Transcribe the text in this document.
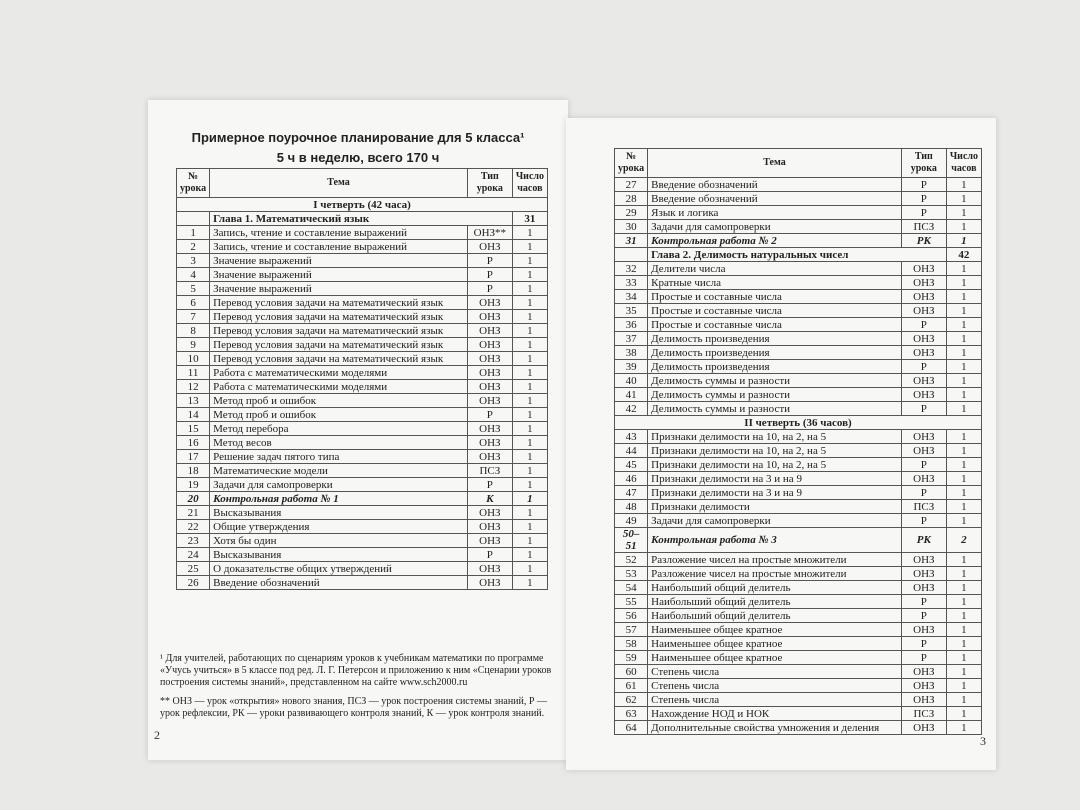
Примерное поурочное планирование для 5 класса¹
5 ч в неделю, всего 170 ч
№ урока	Тема	Тип урока	Число часов
I четверть (42 часа)			
	Глава 1. Математический язык		31
1	Запись, чтение и составление выражений	ОНЗ**	1
2	Запись, чтение и составление выражений	ОНЗ	1
3	Значение выражений	Р	1
4	Значение выражений	Р	1
5	Значение выражений	Р	1
6	Перевод условия задачи на математический язык	ОНЗ	1
7	Перевод условия задачи на математический язык	ОНЗ	1
8	Перевод условия задачи на математический язык	ОНЗ	1
9	Перевод условия задачи на математический язык	ОНЗ	1
10	Перевод условия задачи на математический язык	ОНЗ	1
11	Работа с математическими моделями	ОНЗ	1
12	Работа с математическими моделями	ОНЗ	1
13	Метод проб и ошибок	ОНЗ	1
14	Метод проб и ошибок	Р	1
15	Метод перебора	ОНЗ	1
16	Метод весов	ОНЗ	1
17	Решение задач пятого типа	ОНЗ	1
18	Математические модели	ПСЗ	1
19	Задачи для самопроверки	Р	1
20	Контрольная работа № 1	К	1
21	Высказывания	ОНЗ	1
22	Общие утверждения	ОНЗ	1
23	Хотя бы один	ОНЗ	1
24	Высказывания	Р	1
25	О доказательстве общих утверждений	ОНЗ	1
26	Введение обозначений	ОНЗ	1
¹ Для учителей, работающих по сценариям уроков к учебникам математики по программе «Учусь учиться» в 5 классе под ред. Л. Г. Петерсон и приложению к ним «Сценарии уроков построения системы знаний», представленном на сайте www.sch2000.ru
** ОНЗ — урок «открытия» нового знания, ПСЗ — урок построения системы знаний, Р — урок рефлексии, РК — уроки развивающего контроля знаний, К — урок контроля знаний.
2
№ урока	Тема	Тип урока	Число часов
27	Введение обозначений	Р	1
28	Введение обозначений	Р	1
29	Язык и логика	Р	1
30	Задачи для самопроверки	ПСЗ	1
31	Контрольная работа № 2	РК	1
	Глава 2. Делимость натуральных чисел		42
32	Делители числа	ОНЗ	1
33	Кратные числа	ОНЗ	1
34	Простые и составные числа	ОНЗ	1
35	Простые и составные числа	ОНЗ	1
36	Простые и составные числа	Р	1
37	Делимость произведения	ОНЗ	1
38	Делимость произведения	ОНЗ	1
39	Делимость произведения	Р	1
40	Делимость суммы и разности	ОНЗ	1
41	Делимость суммы и разности	ОНЗ	1
42	Делимость суммы и разности	Р	1
II четверть (36 часов)			
43	Признаки делимости на 10, на 2, на 5	ОНЗ	1
44	Признаки делимости на 10, на 2, на 5	ОНЗ	1
45	Признаки делимости на 10, на 2, на 5	Р	1
46	Признаки делимости на 3 и на 9	ОНЗ	1
47	Признаки делимости на 3 и на 9	Р	1
48	Признаки делимости	ПСЗ	1
49	Задачи для самопроверки	Р	1
50–51	Контрольная работа № 3	РК	2
52	Разложение чисел на простые множители	ОНЗ	1
53	Разложение чисел на простые множители	ОНЗ	1
54	Наибольший общий делитель	ОНЗ	1
55	Наибольший общий делитель	Р	1
56	Наибольший общий делитель	Р	1
57	Наименьшее общее кратное	ОНЗ	1
58	Наименьшее общее кратное	Р	1
59	Наименьшее общее кратное	Р	1
60	Степень числа	ОНЗ	1
61	Степень числа	ОНЗ	1
62	Степень числа	ОНЗ	1
63	Нахождение НОД и НОК	ПСЗ	1
64	Дополнительные свойства умножения и деления	ОНЗ	1
3
